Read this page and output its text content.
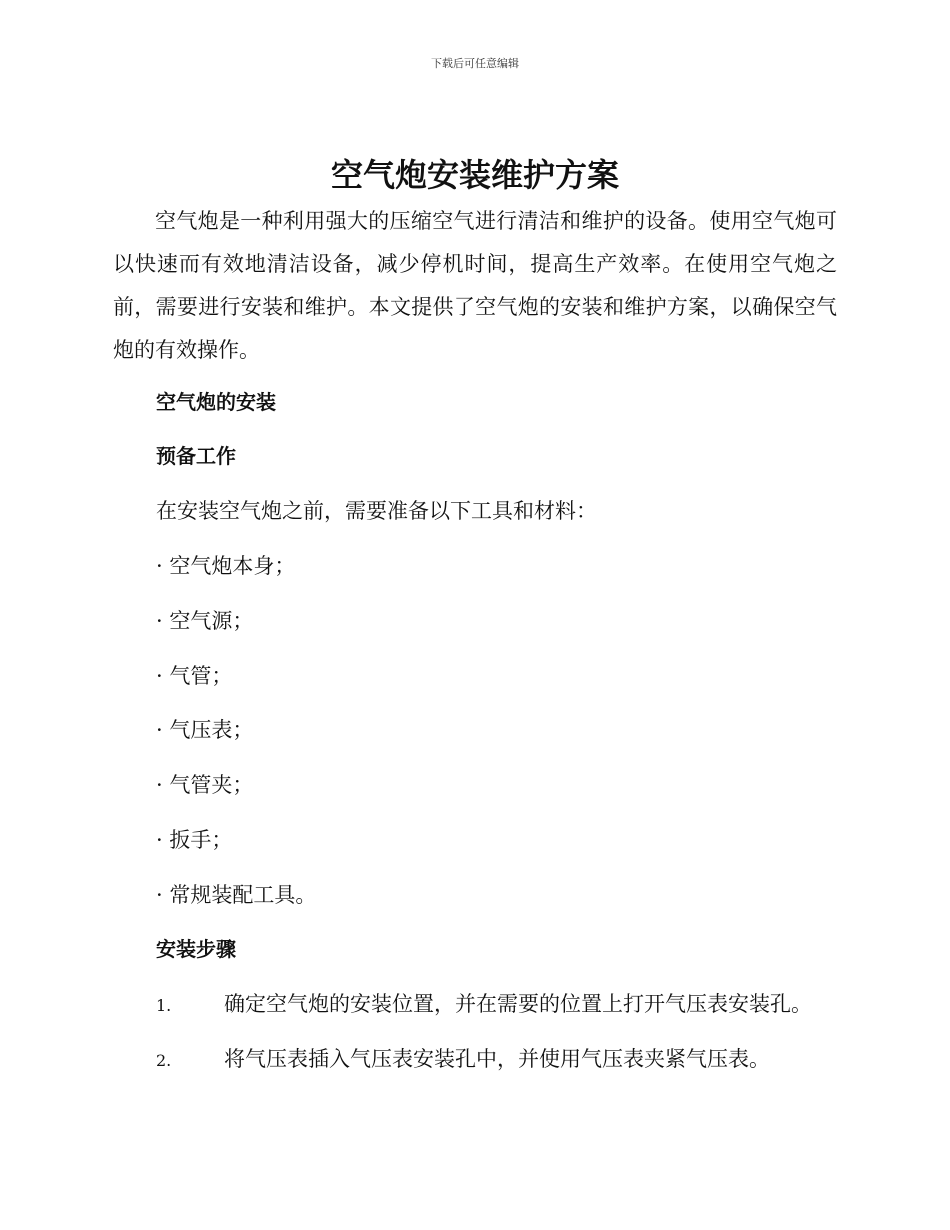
下载后可任意编辑
空气炮安装维护方案

空气炮是一种利用强大的压缩空气进行清洁和维护的设备。使用空气炮可以快速而有效地清洁设备，减少停机时间，提高生产效率。在使用空气炮之前，需要进行安装和维护。本文提供了空气炮的安装和维护方案，以确保空气炮的有效操作。

空气炮的安装
预备工作
在安装空气炮之前，需要准备以下工具和材料：
· 空气炮本身；
· 空气源；
· 气管；
· 气压表；
· 气管夹；
· 扳手；
· 常规装配工具。
安装步骤
1.	确定空气炮的安装位置，并在需要的位置上打开气压表安装孔。
2.	将气压表插入气压表安装孔中，并使用气压表夹紧气压表。
